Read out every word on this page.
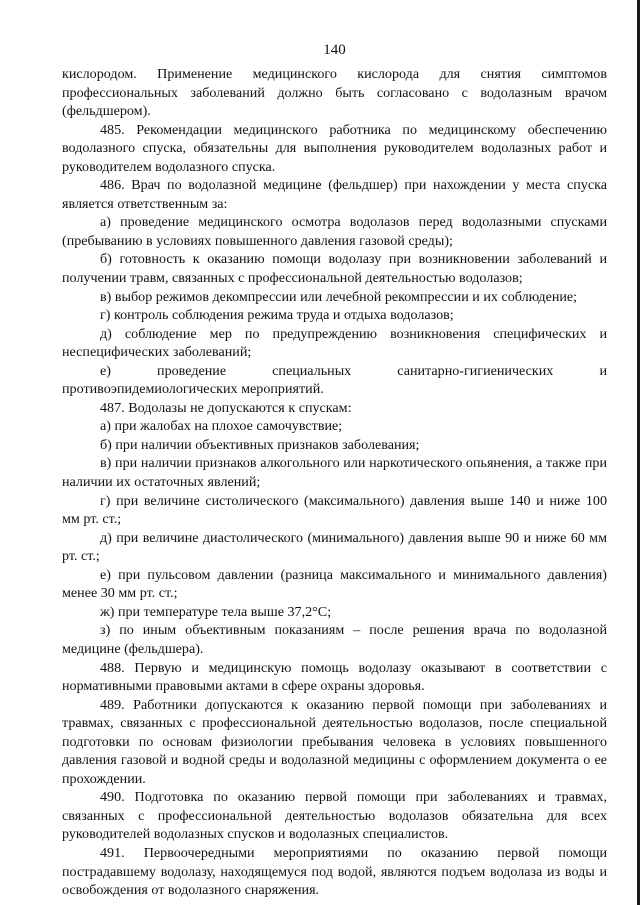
140

кислородом. Применение медицинского кислорода для снятия симптомов профессиональных заболеваний должно быть согласовано с водолазным врачом (фельдшером).

485. Рекомендации медицинского работника по медицинскому обеспечению водолазного спуска, обязательны для выполнения руководителем водолазных работ и руководителем водолазного спуска.

486. Врач по водолазной медицине (фельдшер) при нахождении у места спуска является ответственным за:

а) проведение медицинского осмотра водолазов перед водолазными спусками (пребыванию в условиях повышенного давления газовой среды);

б) готовность к оказанию помощи водолазу при возникновении заболеваний и получении травм, связанных с профессиональной деятельностью водолазов;

в) выбор режимов декомпрессии или лечебной рекомпрессии и их соблюдение;

г) контроль соблюдения режима труда и отдыха водолазов;

д) соблюдение мер по предупреждению возникновения специфических и неспецифических заболеваний;

е) проведение специальных санитарно-гигиенических и противоэпидемиологических мероприятий.

487. Водолазы не допускаются к спускам:

а) при жалобах на плохое самочувствие;

б) при наличии объективных признаков заболевания;

в) при наличии признаков алкогольного или наркотического опьянения, а также при наличии их остаточных явлений;

г) при величине систолического (максимального) давления выше 140 и ниже 100 мм рт. ст.;

д) при величине диастолического (минимального) давления выше 90 и ниже 60 мм рт. ст.;

е) при пульсовом давлении (разница максимального и минимального давления) менее 30 мм рт. ст.;

ж) при температуре тела выше 37,2°С;

з) по иным объективным показаниям – после решения врача по водолазной медицине (фельдшера).

488. Первую и медицинскую помощь водолазу оказывают в соответствии с нормативными правовыми актами в сфере охраны здоровья.

489. Работники допускаются к оказанию первой помощи при заболеваниях и травмах, связанных с профессиональной деятельностью водолазов, после специальной подготовки по основам физиологии пребывания человека в условиях повышенного давления газовой и водной среды и водолазной медицины с оформлением документа о ее прохождении.

490. Подготовка по оказанию первой помощи при заболеваниях и травмах, связанных с профессиональной деятельностью водолазов обязательна для всех руководителей водолазных спусков и водолазных специалистов.

491. Первоочередными мероприятиями по оказанию первой помощи пострадавшему водолазу, находящемуся под водой, являются подъем водолаза из воды и освобождения от водолазного снаряжения.
